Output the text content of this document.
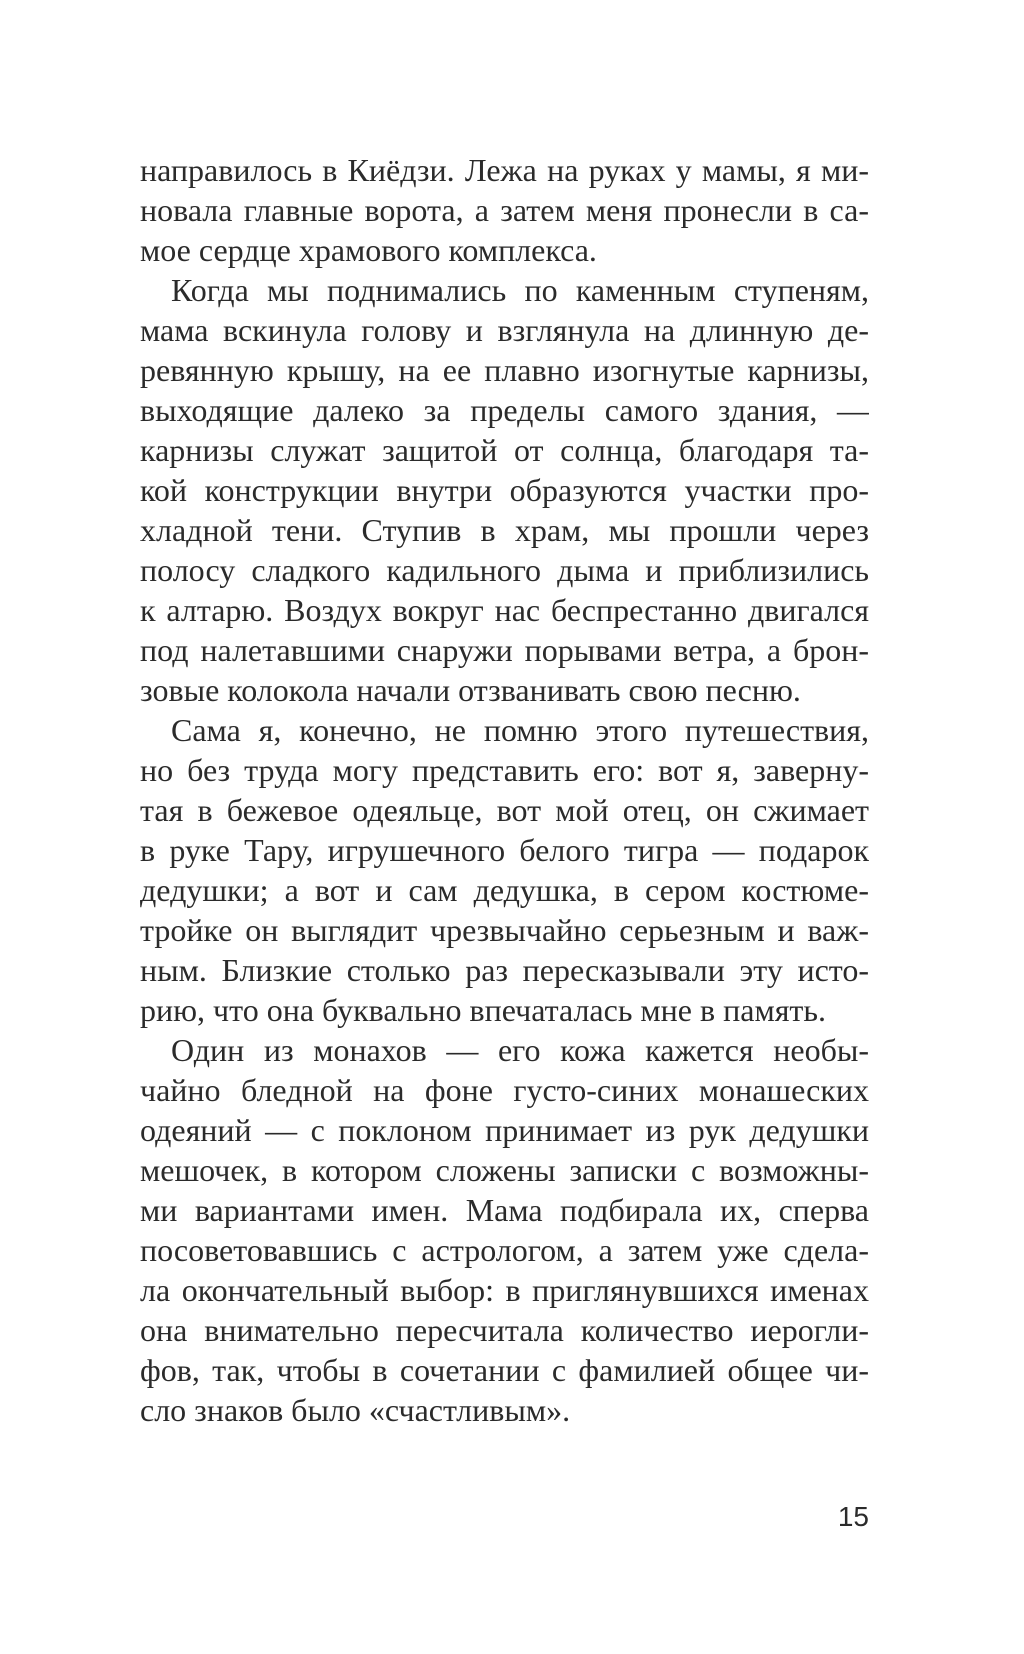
направилось в Киёдзи. Лежа на руках у мамы, я ми-
новала главные ворота, а затем меня пронесли в са-
мое сердце храмового комплекса.
Когда мы поднимались по каменным ступеням,
мама вскинула голову и взглянула на длинную де-
ревянную крышу, на ее плавно изогнутые карнизы,
выходящие далеко за пределы самого здания, —
карнизы служат защитой от солнца, благодаря та-
кой конструкции внутри образуются участки про-
хладной тени. Ступив в храм, мы прошли через
полосу сладкого кадильного дыма и приблизились
к алтарю. Воздух вокруг нас беспрестанно двигался
под налетавшими снаружи порывами ветра, а брон-
зовые колокола начали отзванивать свою песню.
Сама я, конечно, не помню этого путешествия,
но без труда могу представить его: вот я, заверну-
тая в бежевое одеяльце, вот мой отец, он сжимает
в руке Тару, игрушечного белого тигра — подарок
дедушки; а вот и сам дедушка, в сером костюме-
тройке он выглядит чрезвычайно серьезным и важ-
ным. Близкие столько раз пересказывали эту исто-
рию, что она буквально впечаталась мне в память.
Один из монахов — его кожа кажется необы-
чайно бледной на фоне густо-синих монашеских
одеяний — с поклоном принимает из рук дедушки
мешочек, в котором сложены записки с возможны-
ми вариантами имен. Мама подбирала их, сперва
посоветовавшись с астрологом, а затем уже сдела-
ла окончательный выбор: в приглянувшихся именах
она внимательно пересчитала количество иерогли-
фов, так, чтобы в сочетании с фамилией общее чи-
сло знаков было «счастливым».
15
